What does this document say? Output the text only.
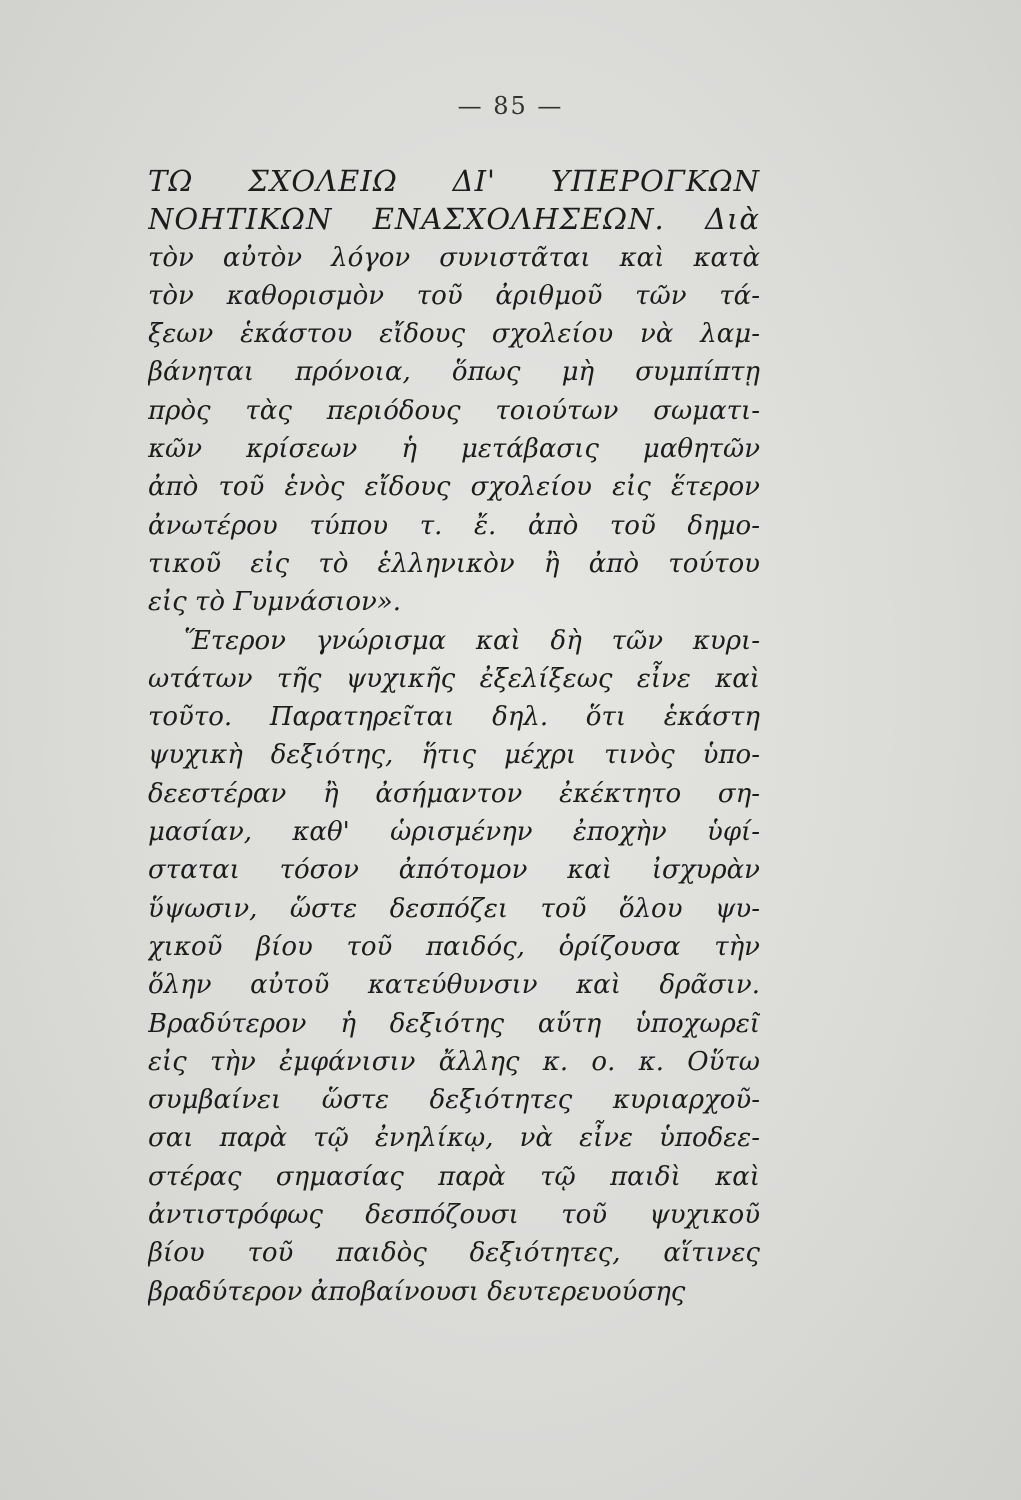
— 85 —
ΤΩ ΣΧΟΛΕΙΩ ΔΙ' ΥΠΕΡΟΓΚΩΝ
ΝΟΗΤΙΚΩΝ ΕΝΑΣΧΟΛΗΣΕΩΝ. Διὰ
τὸν αὐτὸν λόγον συνιστᾶται καὶ κατὰ
τὸν καθορισμὸν τοῦ ἀριθμοῦ τῶν τά-
ξεων ἑκάστου εἴδους σχολείου νὰ λαμ-
βάνηται πρόνοια, ὅπως μὴ συμπίπτῃ
πρὸς τὰς περιόδους τοιούτων σωματι-
κῶν κρίσεων ἡ μετάβασις μαθητῶν
ἀπὸ τοῦ ἑνὸς εἴδους σχολείου εἰς ἕτερον
ἀνωτέρου τύπου τ. ἔ. ἀπὸ τοῦ δημο-
τικοῦ εἰς τὸ ἑλληνικὸν ἢ ἀπὸ τούτου
εἰς τὸ Γυμνάσιον».
Ἕτερον γνώρισμα καὶ δὴ τῶν κυρι-
ωτάτων τῆς ψυχικῆς ἐξελίξεως εἶνε καὶ
τοῦτο. Παρατηρεῖται δηλ. ὅτι ἑκάστη
ψυχικὴ δεξιότης, ἥτις μέχρι τινὸς ὑπο-
δεεστέραν ἢ ἀσήμαντον ἐκέκτητο ση-
μασίαν, καθ' ὡρισμένην ἐποχὴν ὑφί-
σταται τόσον ἀπότομον καὶ ἰσχυρὰν
ὕψωσιν, ὥστε δεσπόζει τοῦ ὅλου ψυ-
χικοῦ βίου τοῦ παιδός, ὁρίζουσα τὴν
ὅλην αὐτοῦ κατεύθυνσιν καὶ δρᾶσιν.
Βραδύτερον ἡ δεξιότης αὕτη ὑποχωρεῖ
εἰς τὴν ἐμφάνισιν ἄλλης κ. ο. κ. Οὕτω
συμβαίνει ὥστε δεξιότητες κυριαρχοῦ-
σαι παρὰ τῷ ἐνηλίκῳ, νὰ εἶνε ὑποδεε-
στέρας σημασίας παρὰ τῷ παιδὶ καὶ
ἀντιστρόφως δεσπόζουσι τοῦ ψυχικοῦ
βίου τοῦ παιδὸς δεξιότητες, αἵτινες
βραδύτερον ἀποβαίνουσι δευτερευούσης
